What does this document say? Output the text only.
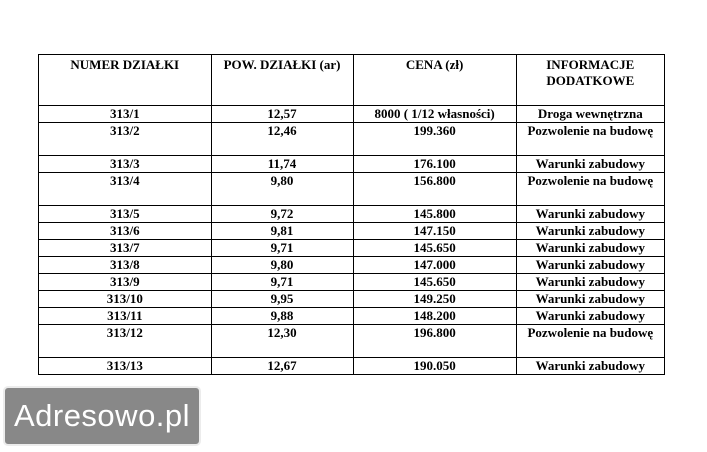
NUMER DZIAŁKI	POW. DZIAŁKI (ar)	CENA (zł)	INFORMACJE DODATKOWE
313/1	12,57	8000 ( 1/12 własności)	Droga wewnętrzna
313/2	12,46	199.360	Pozwolenie na budowę
313/3	11,74	176.100	Warunki zabudowy
313/4	9,80	156.800	Pozwolenie na budowę
313/5	9,72	145.800	Warunki zabudowy
313/6	9,81	147.150	Warunki zabudowy
313/7	9,71	145.650	Warunki zabudowy
313/8	9,80	147.000	Warunki zabudowy
313/9	9,71	145.650	Warunki zabudowy
313/10	9,95	149.250	Warunki zabudowy
313/11	9,88	148.200	Warunki zabudowy
313/12	12,30	196.800	Pozwolenie na budowę
313/13	12,67	190.050	Warunki zabudowy
Adresowo.pl
